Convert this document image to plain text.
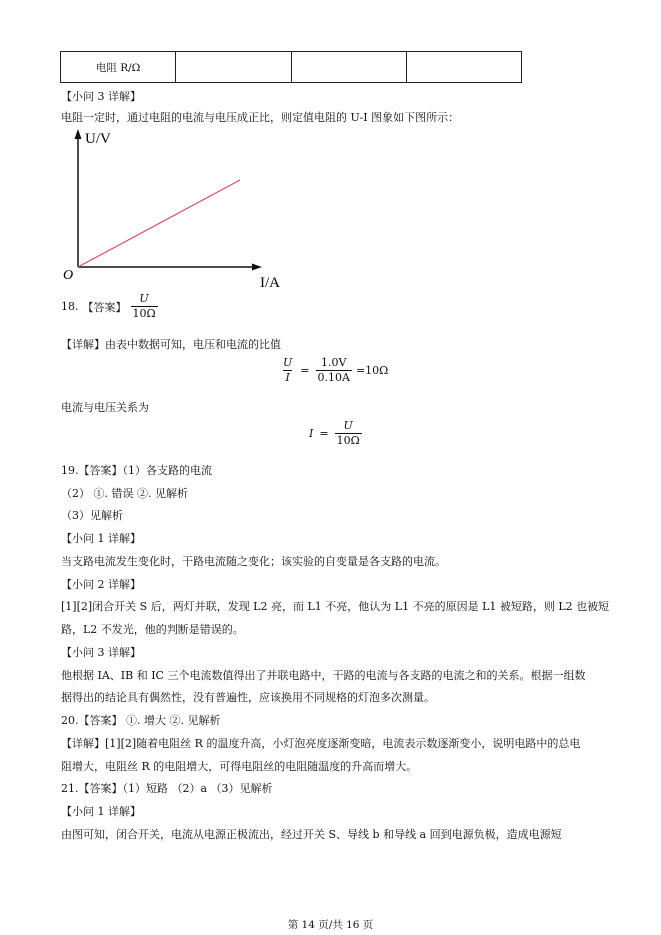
电阻 R/Ω			
【小问 3 详解】
电阻一定时，通过电阻的电流与电压成正比，则定值电阻的 U-I 图象如下图所示：
U/V
I/A
O
18. 【答案】 $\frac{U}{10\Omega}$
【详解】由表中数据可知，电压和电流的比值
$\frac{U}{I} = \frac{1.0V}{0.10A} =10\Omega$
电流与电压关系为
$I = \frac{U}{10\Omega}$
19.【答案】（1）各支路的电流
（2） ①. 错误 ②. 见解析
（3）见解析
【小问 1 详解】
当支路电流发生变化时，干路电流随之变化；该实验的自变量是各支路的电流。
【小问 2 详解】
[1][2]闭合开关 S 后，两灯并联，发现 L2 亮，而 L1 不亮，他认为 L1 不亮的原因是 L1 被短路，则 L2 也被短
路，L2 不发光，他的判断是错误的。
【小问 3 详解】
他根据 IA、IB 和 IC 三个电流数值得出了并联电路中，干路的电流与各支路的电流之和的关系。根据一组数
据得出的结论具有偶然性，没有普遍性，应该换用不同规格的灯泡多次测量。
20.【答案】 ①. 增大 ②. 见解析
【详解】[1][2]随着电阻丝 R 的温度升高，小灯泡亮度逐渐变暗，电流表示数逐渐变小，说明电路中的总电
阻增大，电阻丝 R 的电阻增大，可得电阻丝的电阻随温度的升高而增大。
21.【答案】（1）短路 （2）a （3）见解析
【小问 1 详解】
由图可知，闭合开关，电流从电源正极流出，经过开关 S、导线 b 和导线 a 回到电源负极，造成电源短
第 14 页/共 16 页
